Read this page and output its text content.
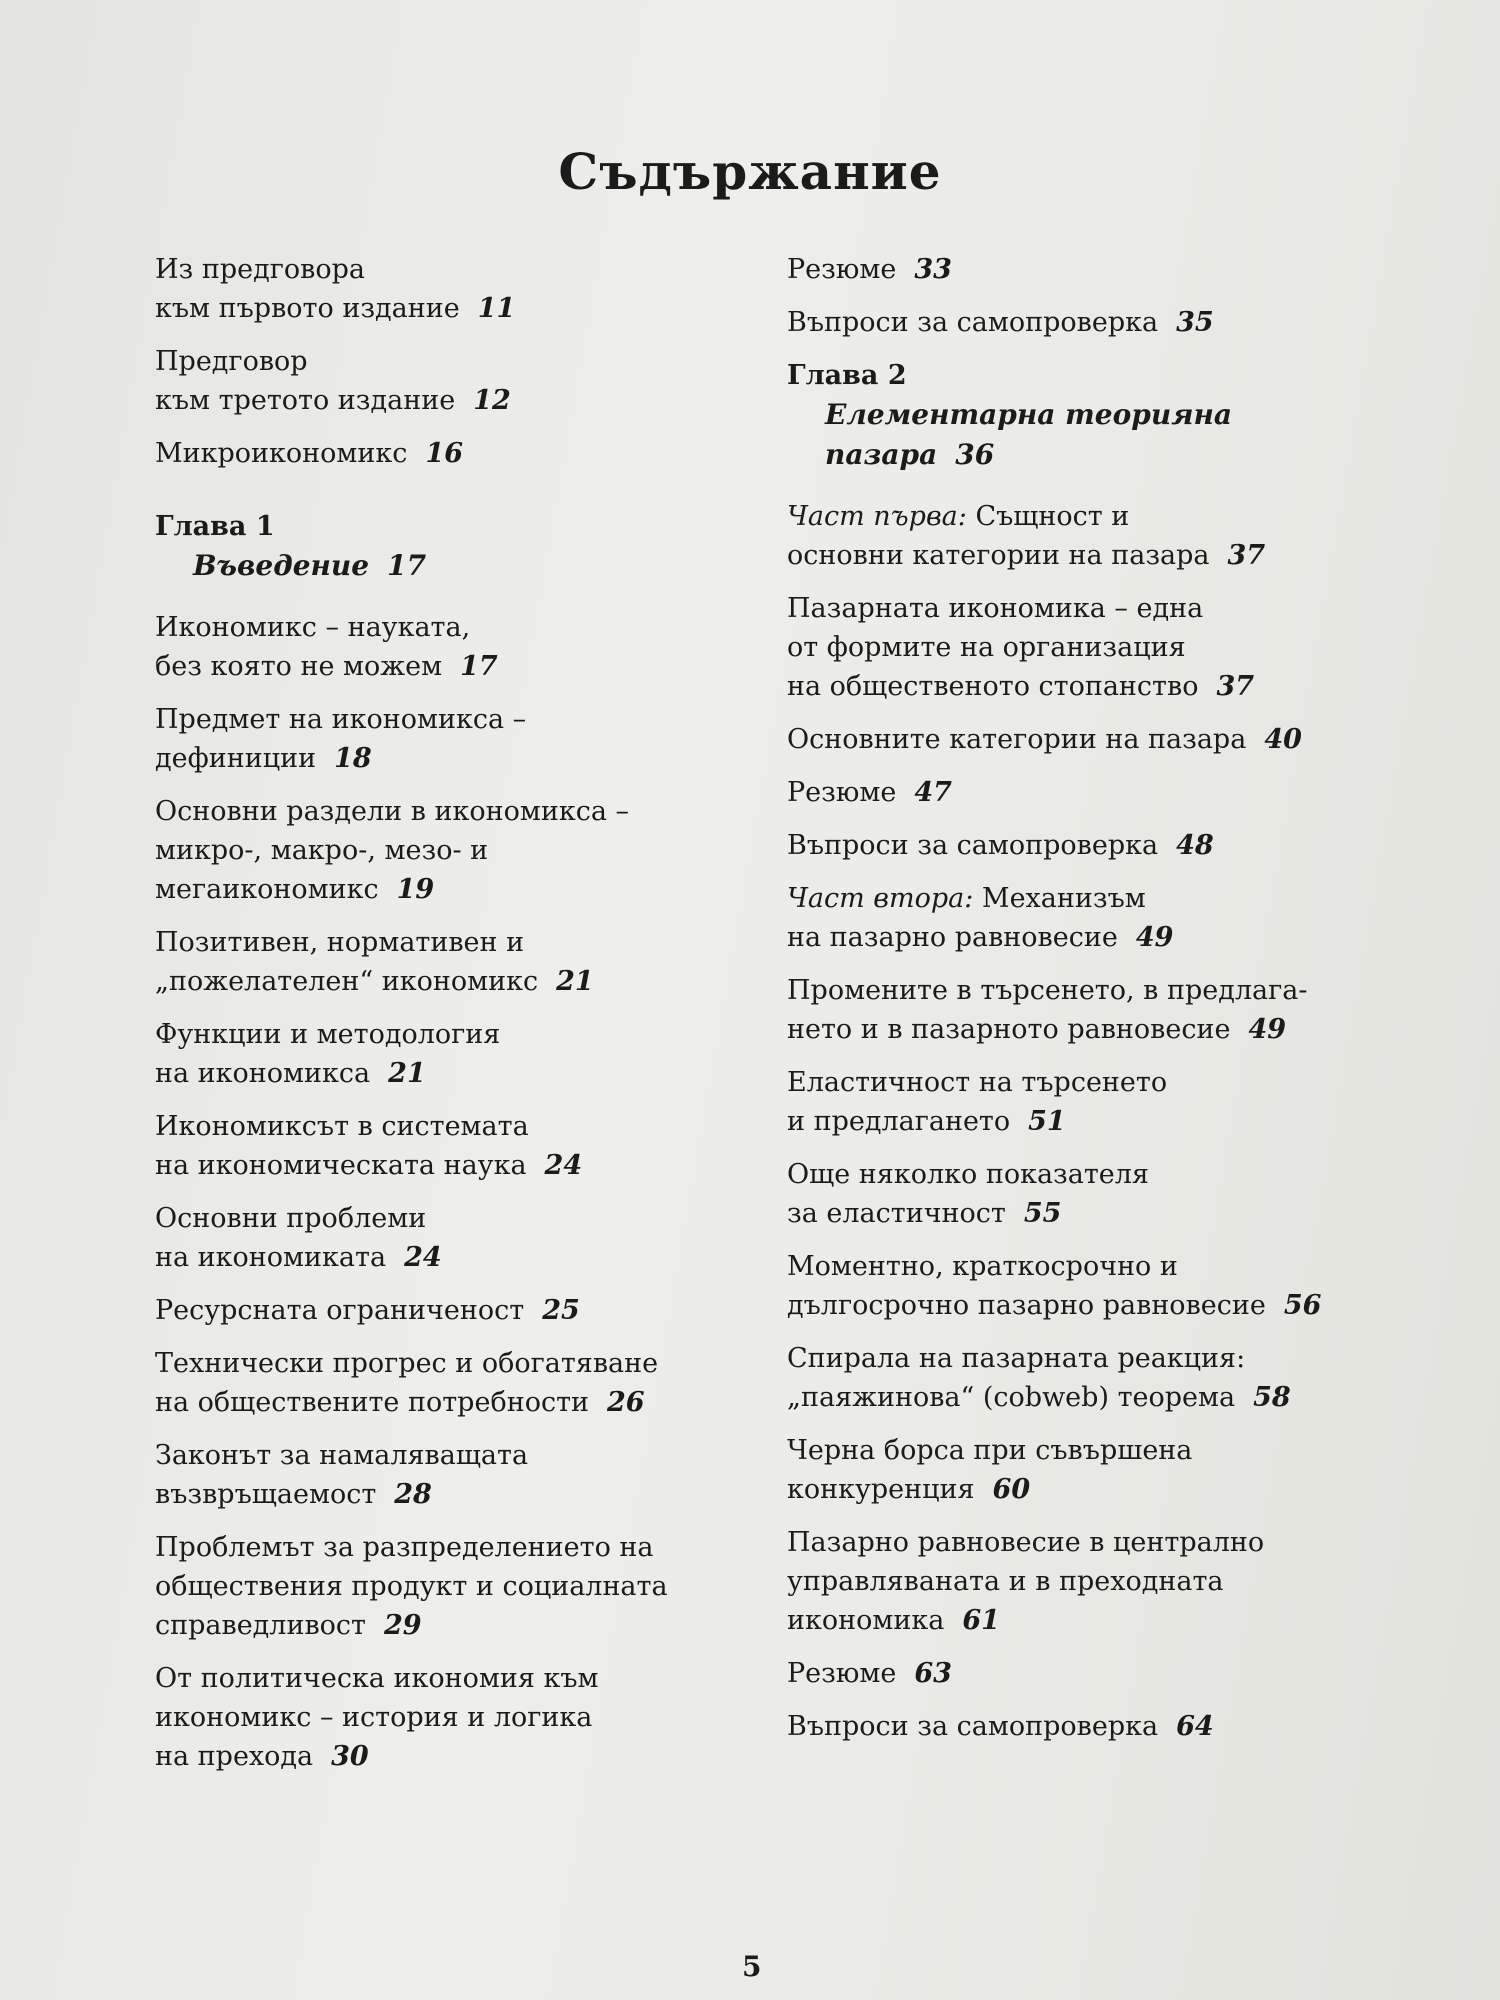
Съдържание
Из предговора
към първото издание 11
Предговор
към третото издание 12
Микроикономикс 16
Глава 1
Въведение 17
Икономикс – науката,
без която не можем 17
Предмет на икономикса –
дефиниции 18
Основни раздели в икономикса –
микро-, макро-, мезо- и
мегаикономикс 19
Позитивен, нормативен и
„пожелателен“ икономикс 21
Функции и методология
на икономикса 21
Икономиксът в системата
на икономическата наука 24
Основни проблеми
на икономиката 24
Ресурсната ограниченост 25
Технически прогрес и обогатяване
на обществените потребности 26
Законът за намаляващата
възвръщаемост 28
Проблемът за разпределението на
обществения продукт и социалната
справедливост 29
От политическа икономия към
икономикс – история и логика
на прехода 30
Резюме 33
Въпроси за самопроверка 35
Глава 2
Елементарна теорияна пазара 36
Част първа: Същност и
основни категории на пазара 37
Пазарната икономика – една
от формите на организация
на общественото стопанство 37
Основните категории на пазара 40
Резюме 47
Въпроси за самопроверка 48
Част втора: Механизъм
на пазарно равновесие 49
Промените в търсенето, в предлага-
нето и в пазарното равновесие 49
Еластичност на търсенето
и предлагането 51
Още няколко показателя
за еластичност 55
Моментно, краткосрочно и
дългосрочно пазарно равновесие 56
Спирала на пазарната реакция:
„паяжинова“ (cobweb) теорема 58
Черна борса при съвършена
конкуренция 60
Пазарно равновесие в централно
управляваната и в преходната
икономика 61
Резюме 63
Въпроси за самопроверка 64
5
